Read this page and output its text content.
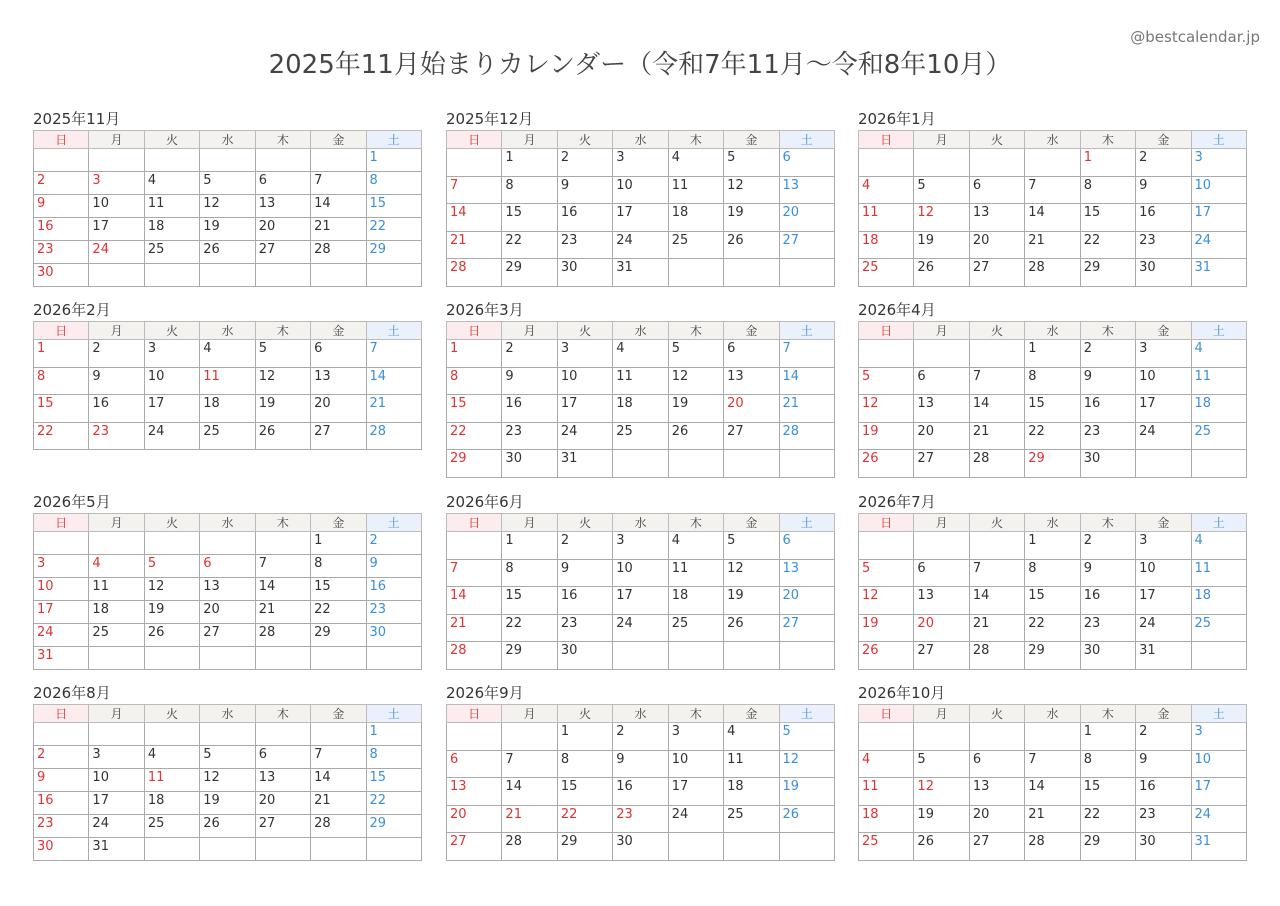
@bestcalendar.jp
2025年11月始まりカレンダー（令和7年11月〜令和8年10月）
2025年11月
日	月	火	水	木	金	土
						1
2	3	4	5	6	7	8
9	10	11	12	13	14	15
16	17	18	19	20	21	22
23	24	25	26	27	28	29
30						
2025年12月
日	月	火	水	木	金	土
	1	2	3	4	5	6
7	8	9	10	11	12	13
14	15	16	17	18	19	20
21	22	23	24	25	26	27
28	29	30	31			
2026年1月
日	月	火	水	木	金	土
				1	2	3
4	5	6	7	8	9	10
11	12	13	14	15	16	17
18	19	20	21	22	23	24
25	26	27	28	29	30	31
2026年2月
日	月	火	水	木	金	土
1	2	3	4	5	6	7
8	9	10	11	12	13	14
15	16	17	18	19	20	21
22	23	24	25	26	27	28
2026年3月
日	月	火	水	木	金	土
1	2	3	4	5	6	7
8	9	10	11	12	13	14
15	16	17	18	19	20	21
22	23	24	25	26	27	28
29	30	31				
2026年4月
日	月	火	水	木	金	土
			1	2	3	4
5	6	7	8	9	10	11
12	13	14	15	16	17	18
19	20	21	22	23	24	25
26	27	28	29	30		
2026年5月
日	月	火	水	木	金	土
					1	2
3	4	5	6	7	8	9
10	11	12	13	14	15	16
17	18	19	20	21	22	23
24	25	26	27	28	29	30
31						
2026年6月
日	月	火	水	木	金	土
	1	2	3	4	5	6
7	8	9	10	11	12	13
14	15	16	17	18	19	20
21	22	23	24	25	26	27
28	29	30				
2026年7月
日	月	火	水	木	金	土
			1	2	3	4
5	6	7	8	9	10	11
12	13	14	15	16	17	18
19	20	21	22	23	24	25
26	27	28	29	30	31	
2026年8月
日	月	火	水	木	金	土
						1
2	3	4	5	6	7	8
9	10	11	12	13	14	15
16	17	18	19	20	21	22
23	24	25	26	27	28	29
30	31					
2026年9月
日	月	火	水	木	金	土
		1	2	3	4	5
6	7	8	9	10	11	12
13	14	15	16	17	18	19
20	21	22	23	24	25	26
27	28	29	30			
2026年10月
日	月	火	水	木	金	土
				1	2	3
4	5	6	7	8	9	10
11	12	13	14	15	16	17
18	19	20	21	22	23	24
25	26	27	28	29	30	31
